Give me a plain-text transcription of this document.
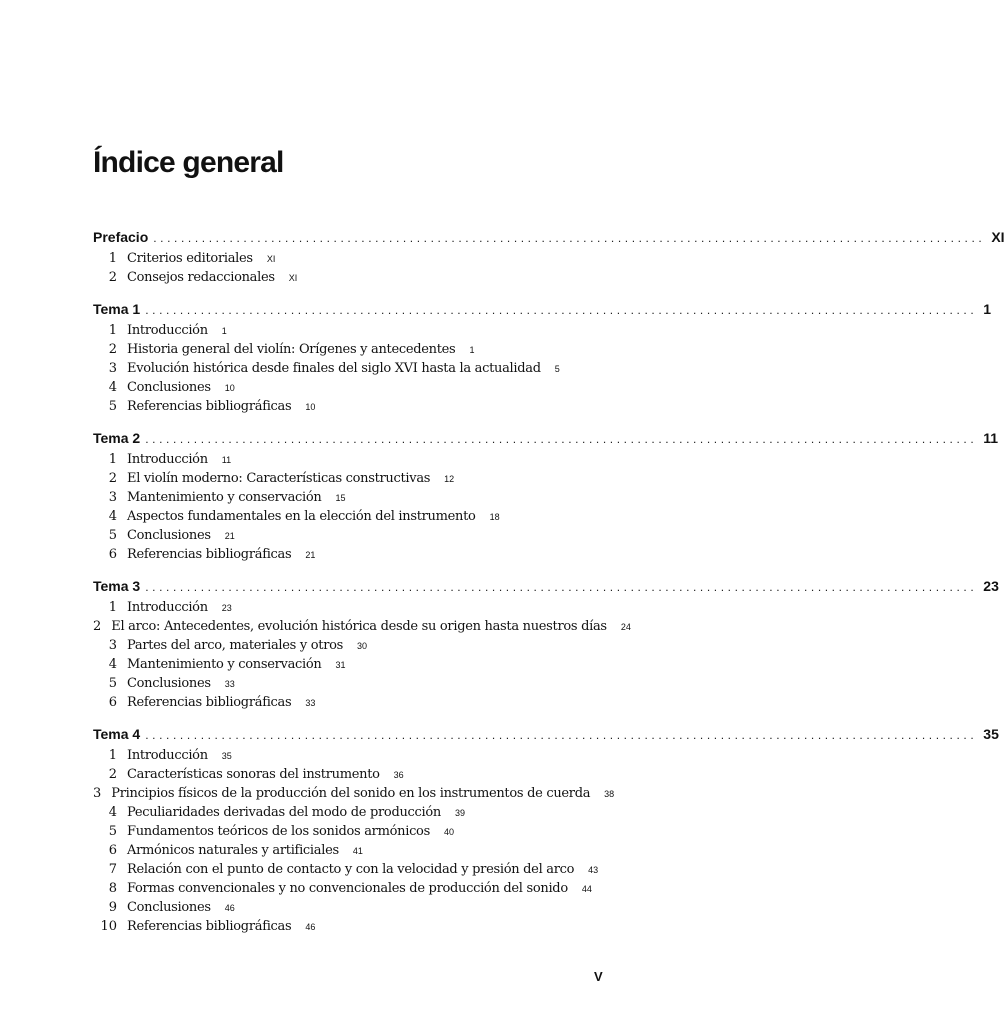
Índice general
Prefacio ........................................................................................................................ XI
1 Criterios editoriales XI
2 Consejos redaccionales XI
Tema 1 ........................................................................................................................ 1
1 Introducción 1
2 Historia general del violín: Orígenes y antecedentes 1
3 Evolución histórica desde finales del siglo XVI hasta la actualidad 5
4 Conclusiones 10
5 Referencias bibliográficas 10
Tema 2 ........................................................................................................................ 11
1 Introducción 11
2 El violín moderno: Características constructivas 12
3 Mantenimiento y conservación 15
4 Aspectos fundamentales en la elección del instrumento 18
5 Conclusiones 21
6 Referencias bibliográficas 21
Tema 3 ........................................................................................................................ 23
1 Introducción 23
2 El arco: Antecedentes, evolución histórica desde su origen hasta nuestros días 24
3 Partes del arco, materiales y otros 30
4 Mantenimiento y conservación 31
5 Conclusiones 33
6 Referencias bibliográficas 33
Tema 4 ........................................................................................................................ 35
1 Introducción 35
2 Características sonoras del instrumento 36
3 Principios físicos de la producción del sonido en los instrumentos de cuerda 38
4 Peculiaridades derivadas del modo de producción 39
5 Fundamentos teóricos de los sonidos armónicos 40
6 Armónicos naturales y artificiales 41
7 Relación con el punto de contacto y con la velocidad y presión del arco 43
8 Formas convencionales y no convencionales de producción del sonido 44
9 Conclusiones 46
10 Referencias bibliográficas 46
V
